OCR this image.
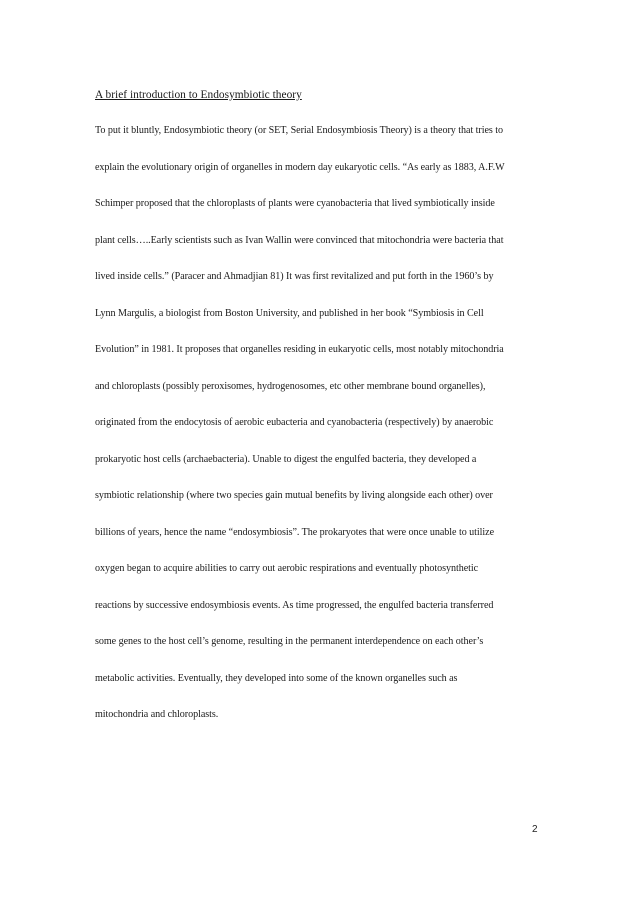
A brief introduction to Endosymbiotic theory
To put it bluntly, Endosymbiotic theory (or SET, Serial Endosymbiosis Theory) is a theory that tries to
explain the evolutionary origin of organelles in modern day eukaryotic cells. “As early as 1883, A.F.W
Schimper proposed that the chloroplasts of plants were cyanobacteria that lived symbiotically inside
plant cells…..Early scientists such as Ivan Wallin were convinced that mitochondria were bacteria that
lived inside cells.” (Paracer and Ahmadjian 81) It was first revitalized and put forth in the 1960’s by
Lynn Margulis, a biologist from Boston University, and published in her book “Symbiosis in Cell
Evolution” in 1981. It proposes that organelles residing in eukaryotic cells, most notably mitochondria
and chloroplasts (possibly peroxisomes, hydrogenosomes, etc other membrane bound organelles),
originated from the endocytosis of aerobic eubacteria and cyanobacteria (respectively) by anaerobic
prokaryotic host cells (archaebacteria). Unable to digest the engulfed bacteria, they developed a
symbiotic relationship (where two species gain mutual benefits by living alongside each other) over
billions of years, hence the name “endosymbiosis”. The prokaryotes that were once unable to utilize
oxygen began to acquire abilities to carry out aerobic respirations and eventually photosynthetic
reactions by successive endosymbiosis events. As time progressed, the engulfed bacteria transferred
some genes to the host cell’s genome, resulting in the permanent interdependence on each other’s
metabolic activities. Eventually, they developed into some of the known organelles such as
mitochondria and chloroplasts.
2
